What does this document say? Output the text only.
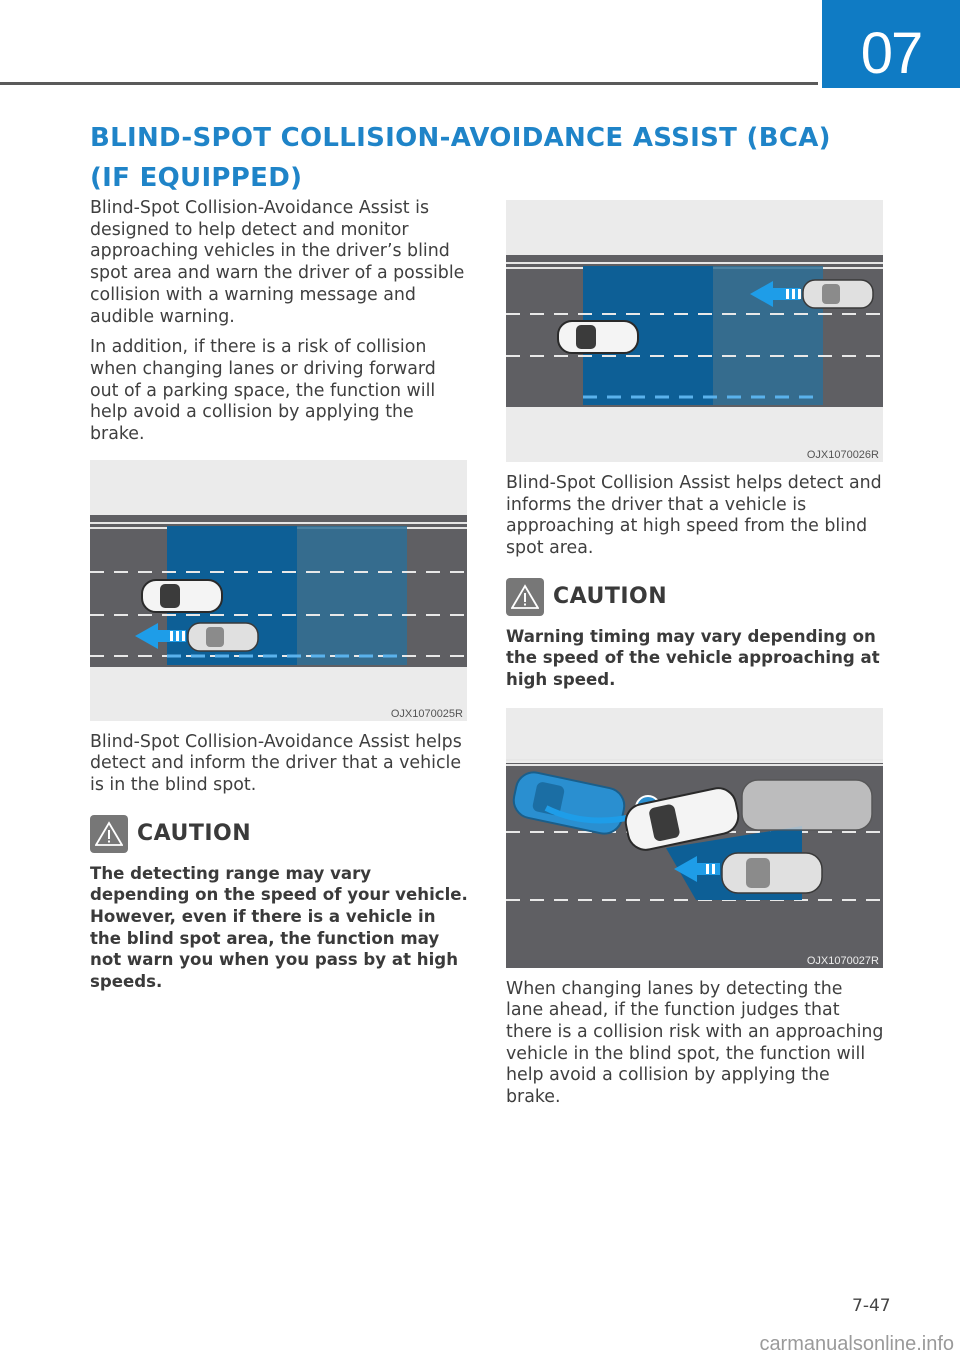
07
BLIND-SPOT COLLISION-AVOIDANCE ASSIST (BCA)
(IF EQUIPPED)

Blind-Spot Collision-Avoidance Assist is designed to help detect and monitor approaching vehicles in the driver’s blind spot area and warn the driver of a possible collision with a warning message and audible warning.

In addition, if there is a risk of collision when changing lanes or driving forward out of a parking space, the function will help avoid a collision by applying the brake.

OJX1070025R

Blind-Spot Collision-Avoidance Assist helps detect and inform the driver that a vehicle is in the blind spot.

CAUTION

The detecting range may vary depending on the speed of your vehicle. However, even if there is a vehicle in the blind spot area, the function may not warn you when you pass by at high speeds.

OJX1070026R

Blind-Spot Collision Assist helps detect and informs the driver that a vehicle is approaching at high speed from the blind spot area.

CAUTION

Warning timing may vary depending on the speed of the vehicle approaching at high speed.

OJX1070027R

When changing lanes by detecting the lane ahead, if the function judges that there is a collision risk with an approaching vehicle in the blind spot, the function will help avoid a collision by applying the brake.

7-47
carmanualsonline.info
